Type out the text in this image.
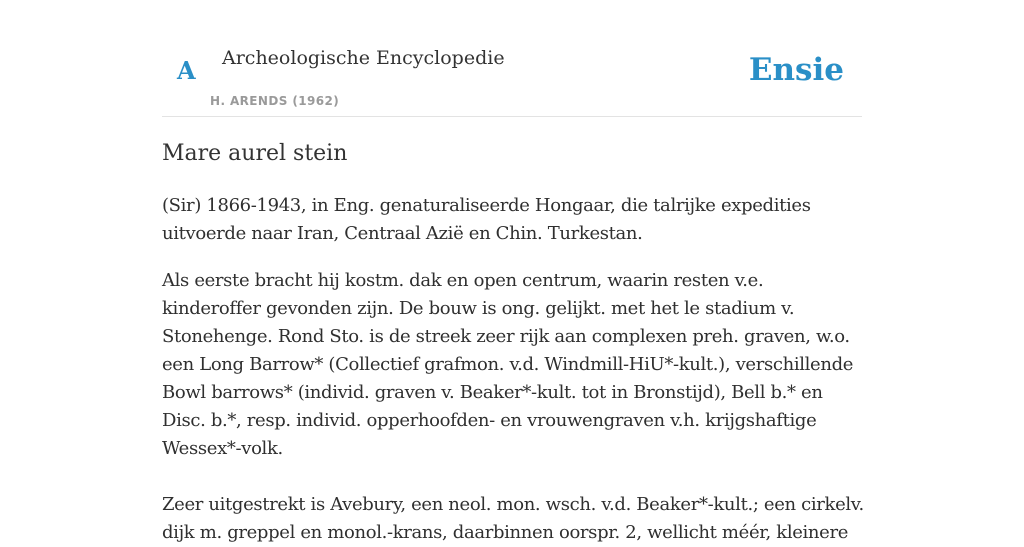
A Archeologische Encyclopedie
H. ARENDS (1962)
Ensie
Mare aurel stein

(Sir) 1866-1943, in Eng. genaturaliseerde Hongaar, die talrijke expedities uitvoerde naar Iran, Centraal Azië en Chin. Turkestan.

Als eerste bracht hij kostm. dak en open centrum, waarin resten v.e. kinderoffer gevonden zijn. De bouw is ong. gelijkt. met het le stadium v. Stonehenge. Rond Sto. is de streek zeer rijk aan complexen preh. graven, w.o. een Long Barrow* (Collectief grafmon. v.d. Windmill-HiU*-kult.), verschillende Bowl barrows* (individ. graven v. Beaker*-kult. tot in Bronstijd), Bell b.* en Disc. b.*, resp. individ. opperhoofden- en vrouwengraven v.h. krijgshaftige Wessex*-volk.

Zeer uitgestrekt is Avebury, een neol. mon. wsch. v.d. Beaker*-kult.; een cirkelv. dijk m. greppel en monol.-krans, daarbinnen oorspr. 2, wellicht méér, kleinere
